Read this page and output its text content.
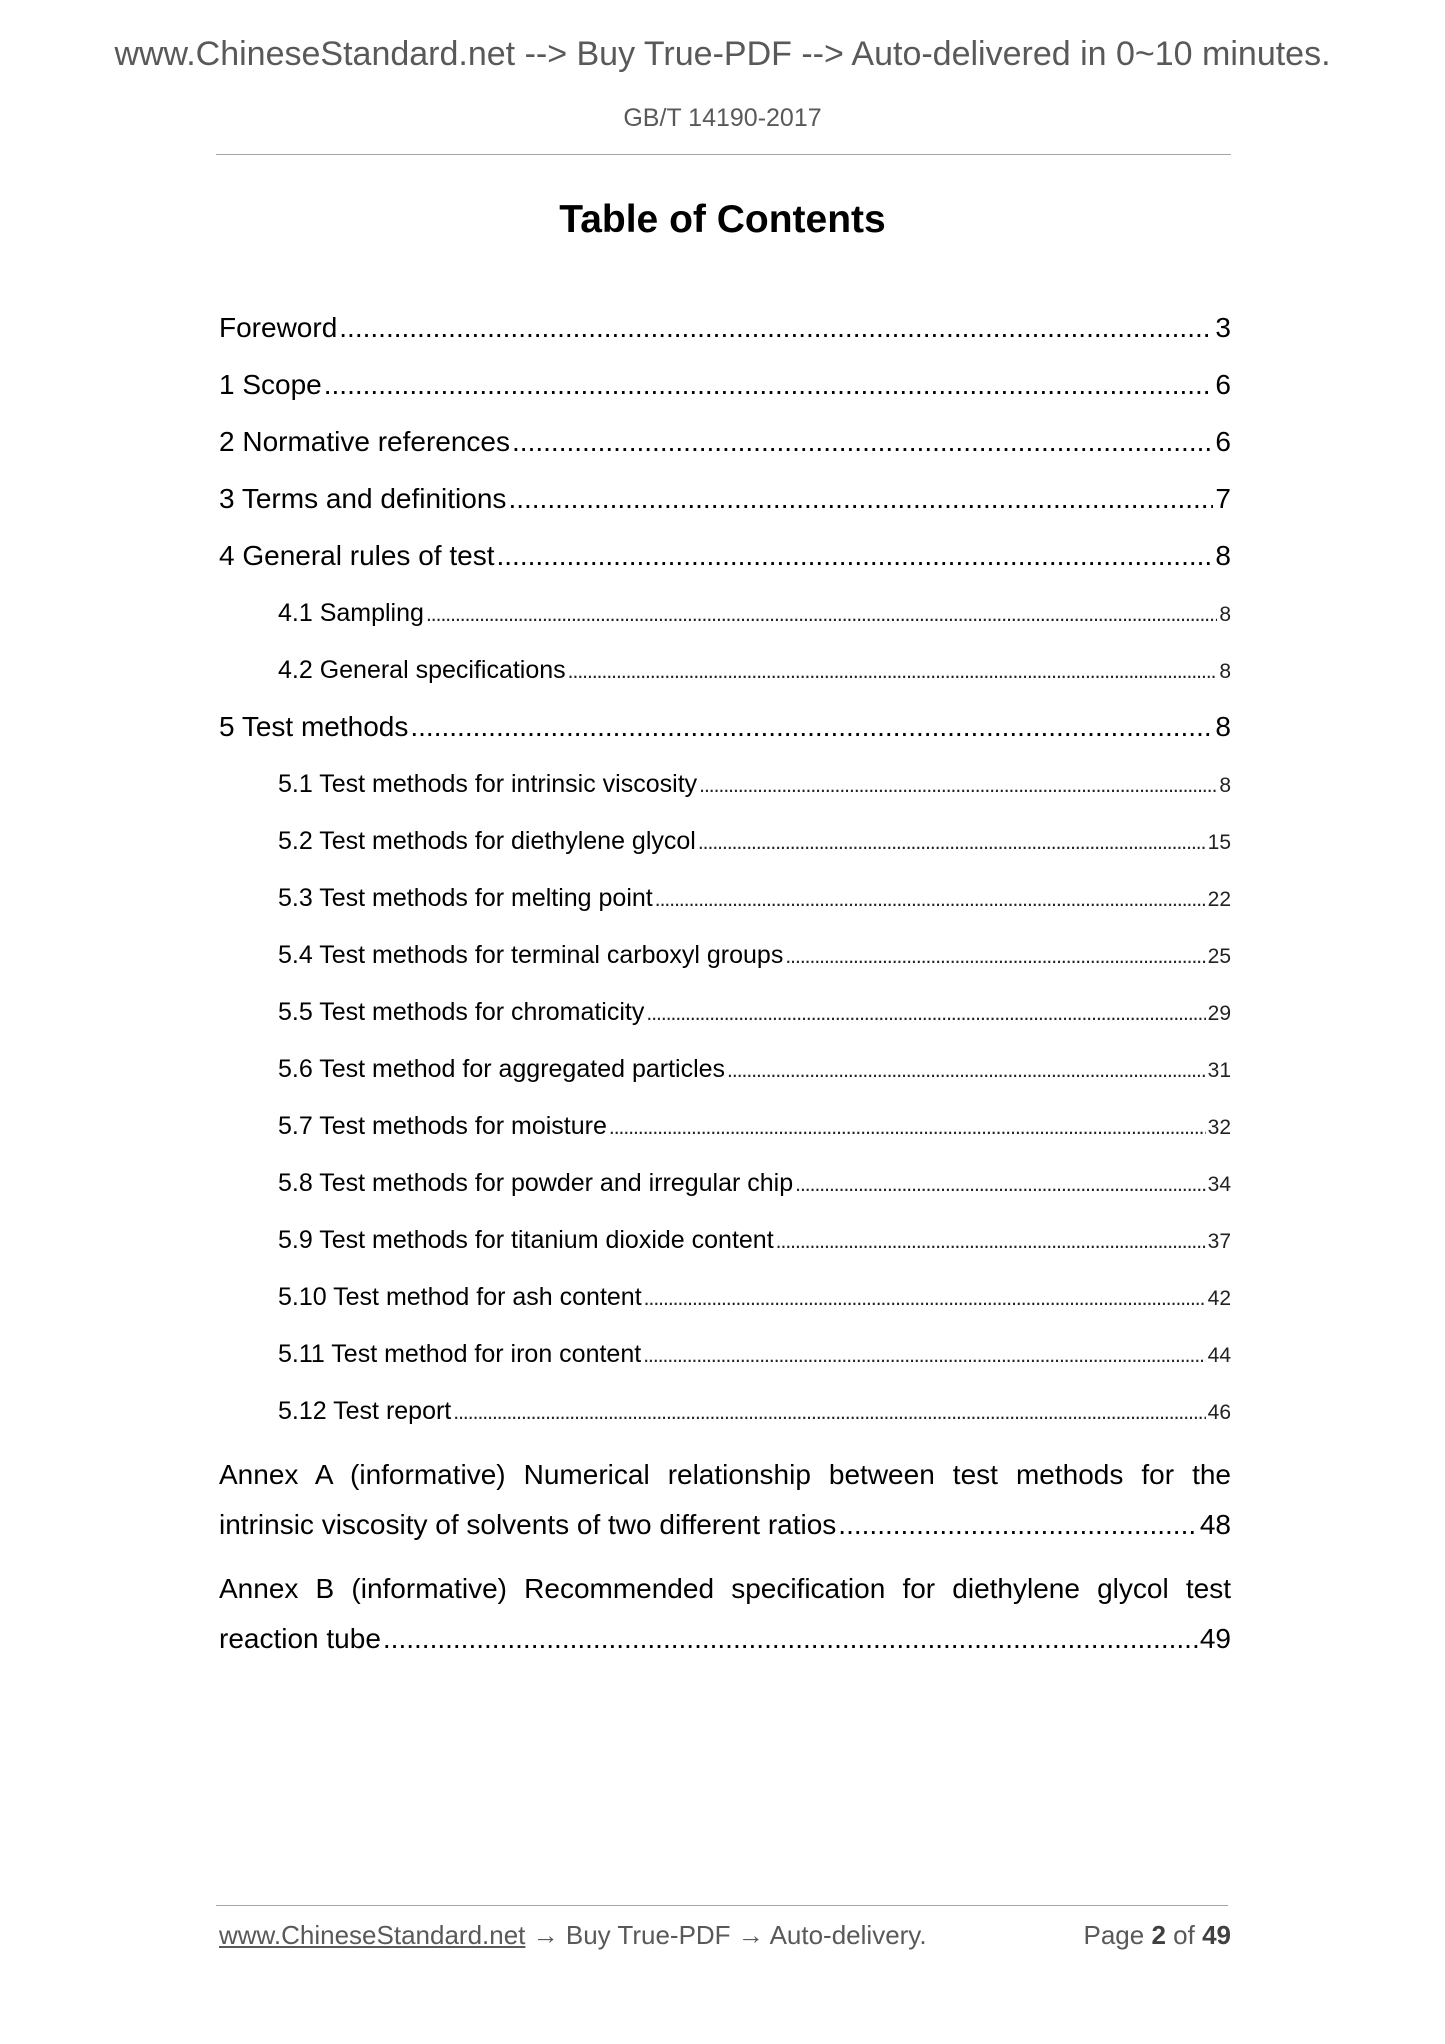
www.ChineseStandard.net --> Buy True-PDF --> Auto-delivered in 0~10 minutes.
GB/T 14190-2017
Table of Contents
Foreword .....	3
1 Scope .....	6
2 Normative references .....	6
3 Terms and definitions .....	7
4 General rules of test .....	8
4.1 Sampling .....	8
4.2 General specifications .....	8
5 Test methods .....	8
5.1 Test methods for intrinsic viscosity .....	8
5.2 Test methods for diethylene glycol .....	15
5.3 Test methods for melting point .....	22
5.4 Test methods for terminal carboxyl groups .....	25
5.5 Test methods for chromaticity .....	29
5.6 Test method for aggregated particles .....	31
5.7 Test methods for moisture .....	32
5.8 Test methods for powder and irregular chip .....	34
5.9 Test methods for titanium dioxide content .....	37
5.10 Test method for ash content .....	42
5.11 Test method for iron content .....	44
5.12 Test report .....	46
Annex A (informative) Numerical relationship between test methods for the
intrinsic viscosity of solvents of two different ratios .....	48
Annex B (informative) Recommended specification for diethylene glycol test
reaction tube .....	49
www.ChineseStandard.net → Buy True-PDF → Auto-delivery.	Page 2 of 49
